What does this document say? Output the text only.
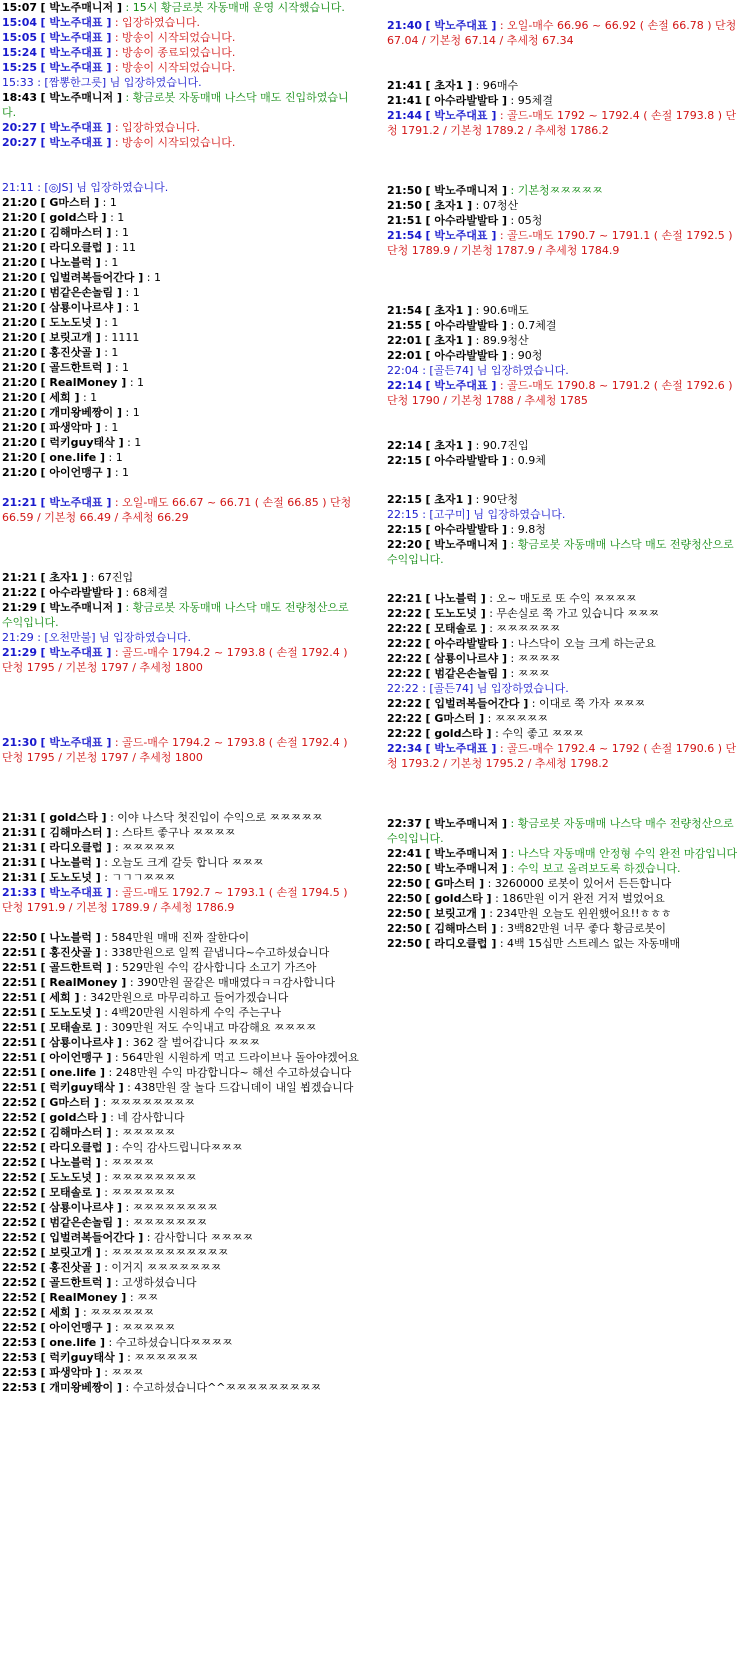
15:07 [ 박노주매니저 ] : 15시 황금로봇 자동매매 운영 시작했습니다.
15:04 [ 박노주대표 ] : 입장하였습니다.
15:05 [ 박노주대표 ] : 방송이 시작되었습니다.
15:24 [ 박노주대표 ] : 방송이 종료되었습니다.
15:25 [ 박노주대표 ] : 방송이 시작되었습니다.
15:33 : [짬뽕한그릇] 님 입장하였습니다.
18:43 [ 박노주매니저 ] : 황금로봇 자동매매 나스닥 매도 진입하였습니다.
20:27 [ 박노주대표 ] : 입장하였습니다.
20:27 [ 박노주대표 ] : 방송이 시작되었습니다.
21:11 : [◎JS] 님 입장하였습니다.
21:20 [ G마스터 ] : 1
21:20 [ gold스타 ] : 1
21:20 [ 김해마스터 ] : 1
21:20 [ 라디오클럽 ] : 11
21:20 [ 나노블럭 ] : 1
21:20 [ 입벌려복들어간다 ] : 1
21:20 [ 범같은손놀림 ] : 1
21:20 [ 삼룡이나르샤 ] : 1
21:20 [ 도노도넛 ] : 1
21:20 [ 보릿고개 ] : 1111
21:20 [ 홍진삿골 ] : 1
21:20 [ 골드한트럭 ] : 1
21:20 [ RealMoney ] : 1
21:20 [ 세희 ] : 1
21:20 [ 개미왕베짱이 ] : 1
21:20 [ 파생악마 ] : 1
21:20 [ 럭키guy태삭 ] : 1
21:20 [ one.life ] : 1
21:20 [ 아이언맹구 ] : 1
21:21 [ 박노주대표 ] : 오일-매도 66.67 ~ 66.71 ( 손절 66.85 ) 단청 66.59 / 기본청 66.49 / 추세청 66.29
21:21 [ 초자1 ] : 67진입
21:22 [ 아수라발발타 ] : 68체결
21:29 [ 박노주매니저 ] : 황금로봇 자동매매 나스닥 매도 전량청산으로 수익입니다.
21:29 : [오천만불] 님 입장하였습니다.
21:29 [ 박노주대표 ] : 골드-매수 1794.2 ~ 1793.8 ( 손절 1792.4 ) 단청 1795 / 기본청 1797 / 추세청 1800
21:30 [ 박노주대표 ] : 골드-매수 1794.2 ~ 1793.8 ( 손절 1792.4 ) 단청 1795 / 기본청 1797 / 추세청 1800
21:31 [ gold스타 ] : 이야 나스닥 첫진입이 수익으로 ㅉㅉㅉㅉㅉ
21:31 [ 김해마스터 ] : 스타트 좋구나 ㅉㅉㅉㅉ
21:31 [ 라디오클럽 ] : ㅉㅉㅉㅉㅉ
21:31 [ 나노블럭 ] : 오늘도 크게 갈듯 합니다 ㅉㅉㅉ
21:31 [ 도노도넛 ] : ㄱㄱㄱㅉㅉㅉ
21:33 [ 박노주대표 ] : 골드-매도 1792.7 ~ 1793.1 ( 손절 1794.5 ) 단청 1791.9 / 기본청 1789.9 / 추세청 1786.9
22:50 [ 나노블럭 ] : 584만원 매매 진짜 잘한다이
22:51 [ 홍진삿골 ] : 338만원으로 일찍 끝냅니다~수고하셨습니다
22:51 [ 골드한트럭 ] : 529만원 수익 감사합니다 소고기 가즈아
22:51 [ RealMoney ] : 390만원 꿀같은 매매였다ㅋㅋ감사합니다
22:51 [ 세희 ] : 342만원으로 마무리하고 들어가겠습니다
22:51 [ 도노도넛 ] : 4백20만원 시원하게 수익 주는구나
22:51 [ 모태솔로 ] : 309만원 저도 수익내고 마감해요 ㅉㅉㅉㅉ
22:51 [ 삼룡이나르샤 ] : 362 잘 벌어갑니다 ㅉㅉㅉ
22:51 [ 아이언맹구 ] : 564만원 시원하게 먹고 드라이브나 돌아야겠어요
22:51 [ one.life ] : 248만원 수익 마감합니다~ 해선 수고하셨습니다
22:51 [ 럭키guy태삭 ] : 438만원 잘 놀다 드갑니데이 내일 뵙겠습니다
22:52 [ G마스터 ] : ㅉㅉㅉㅉㅉㅉㅉㅉ
22:52 [ gold스타 ] : 네 감사합니다
22:52 [ 김해마스터 ] : ㅉㅉㅉㅉㅉ
22:52 [ 라디오클럽 ] : 수익 감사드립니다ㅉㅉㅉ
22:52 [ 나노블럭 ] : ㅉㅉㅉㅉ
22:52 [ 도노도넛 ] : ㅉㅉㅉㅉㅉㅉㅉㅉ
22:52 [ 모태솔로 ] : ㅉㅉㅉㅉㅉㅉ
22:52 [ 삼룡이나르샤 ] : ㅉㅉㅉㅉㅉㅉㅉㅉ
22:52 [ 범같은손놀림 ] : ㅉㅉㅉㅉㅉㅉㅉ
22:52 [ 입벌려복들어간다 ] : 감사합니다 ㅉㅉㅉㅉ
22:52 [ 보릿고개 ] : ㅉㅉㅉㅉㅉㅉㅉㅉㅉㅉㅉ
22:52 [ 홍진삿골 ] : 이거지 ㅉㅉㅉㅉㅉㅉㅉ
22:52 [ 골드한트럭 ] : 고생하셨습니다
22:52 [ RealMoney ] : ㅉㅉ
22:52 [ 세희 ] : ㅉㅉㅉㅉㅉㅉ
22:52 [ 아이언맹구 ] : ㅉㅉㅉㅉㅉ
22:53 [ one.life ] : 수고하셨습니다ㅉㅉㅉㅉ
22:53 [ 럭키guy태삭 ] : ㅉㅉㅉㅉㅉㅉ
22:53 [ 파생악마 ] : ㅉㅉㅉ
22:53 [ 개미왕베짱이 ] : 수고하셨습니다^^ㅉㅉㅉㅉㅉㅉㅉㅉㅉ
21:40 [ 박노주대표 ] : 오일-매수 66.96 ~ 66.92 ( 손절 66.78 ) 단청 67.04 / 기본청 67.14 / 추세청 67.34
21:41 [ 초자1 ] : 96매수
21:41 [ 아수라발발타 ] : 95체결
21:44 [ 박노주대표 ] : 골드-매도 1792 ~ 1792.4 ( 손절 1793.8 ) 단청 1791.2 / 기본청 1789.2 / 추세청 1786.2
21:50 [ 박노주매니저 ] : 기본청ㅉㅉㅉㅉㅉ
21:50 [ 초자1 ] : 07청산
21:51 [ 아수라발발타 ] : 05청
21:54 [ 박노주대표 ] : 골드-매도 1790.7 ~ 1791.1 ( 손절 1792.5 ) 단청 1789.9 / 기본청 1787.9 / 추세청 1784.9
21:54 [ 초자1 ] : 90.6매도
21:55 [ 아수라발발타 ] : 0.7체결
22:01 [ 초자1 ] : 89.9청산
22:01 [ 아수라발발타 ] : 90청
22:04 : [골든74] 님 입장하였습니다.
22:14 [ 박노주대표 ] : 골드-매도 1790.8 ~ 1791.2 ( 손절 1792.6 ) 단청 1790 / 기본청 1788 / 추세청 1785
22:14 [ 초자1 ] : 90.7진입
22:15 [ 아수라발발타 ] : 0.9체
22:15 [ 초자1 ] : 90단청
22:15 : [고구미] 님 입장하였습니다.
22:15 [ 아수라발발타 ] : 9.8청
22:20 [ 박노주매니저 ] : 황금로봇 자동매매 나스닥 매도 전량청산으로 수익입니다.
22:21 [ 나노블럭 ] : 오~ 매도로 또 수익 ㅉㅉㅉㅉ
22:22 [ 도노도넛 ] : 무손실로 쭉 가고 있습니다 ㅉㅉㅉ
22:22 [ 모태솔로 ] : ㅉㅉㅉㅉㅉㅉ
22:22 [ 아수라발발타 ] : 나스닥이 오늘 크게 하는군요
22:22 [ 삼룡이나르샤 ] : ㅉㅉㅉㅉ
22:22 [ 범같은손놀림 ] : ㅉㅉㅉ
22:22 : [골든74] 님 입장하였습니다.
22:22 [ 입벌려복들어간다 ] : 이대로 쭉 가자 ㅉㅉㅉ
22:22 [ G마스터 ] : ㅉㅉㅉㅉㅉ
22:22 [ gold스타 ] : 수익 좋고 ㅉㅉㅉ
22:34 [ 박노주대표 ] : 골드-매수 1792.4 ~ 1792 ( 손절 1790.6 ) 단청 1793.2 / 기본청 1795.2 / 추세청 1798.2
22:37 [ 박노주매니저 ] : 황금로봇 자동매매 나스닥 매수 전량청산으로 수익입니다.
22:41 [ 박노주매니저 ] : 나스닥 자동매매 안정형 수익 완전 마감입니다
22:50 [ 박노주매니저 ] : 수익 보고 올려보도록 하겠습니다.
22:50 [ G마스터 ] : 3260000 로봇이 있어서 든든합니다
22:50 [ gold스타 ] : 186만원 이거 완전 거저 벌었어요
22:50 [ 보릿고개 ] : 234만원 오늘도 윈윈했어요!!ㅎㅎㅎ
22:50 [ 김해마스터 ] : 3백82만원 너무 좋다 황금로봇이
22:50 [ 라디오클럽 ] : 4백 15십만 스트레스 없는 자동매매
